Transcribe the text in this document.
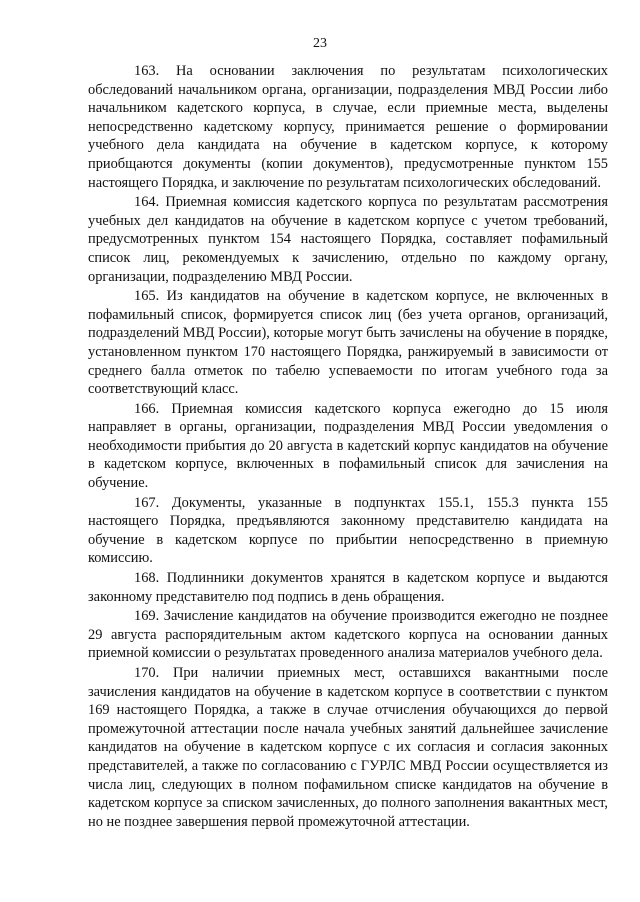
23

163. На основании заключения по результатам психологических обследований начальником органа, организации, подразделения МВД России либо начальником кадетского корпуса, в случае, если приемные места, выделены непосредственно кадетскому корпусу, принимается решение о формировании учебного дела кандидата на обучение в кадетском корпусе, к которому приобщаются документы (копии документов), предусмотренные пунктом 155 настоящего Порядка, и заключение по результатам психологических обследований.

164. Приемная комиссия кадетского корпуса по результатам рассмотрения учебных дел кандидатов на обучение в кадетском корпусе с учетом требований, предусмотренных пунктом 154 настоящего Порядка, составляет пофамильный список лиц, рекомендуемых к зачислению, отдельно по каждому органу, организации, подразделению МВД России.

165. Из кандидатов на обучение в кадетском корпусе, не включенных в пофамильный список, формируется список лиц (без учета органов, организаций, подразделений МВД России), которые могут быть зачислены на обучение в порядке, установленном пунктом 170 настоящего Порядка, ранжируемый в зависимости от среднего балла отметок по табелю успеваемости по итогам учебного года за соответствующий класс.

166. Приемная комиссия кадетского корпуса ежегодно до 15 июля направляет в органы, организации, подразделения МВД России уведомления о необходимости прибытия до 20 августа в кадетский корпус кандидатов на обучение в кадетском корпусе, включенных в пофамильный список для зачисления на обучение.

167. Документы, указанные в подпунктах 155.1, 155.3 пункта 155 настоящего Порядка, предъявляются законному представителю кандидата на обучение в кадетском корпусе по прибытии непосредственно в приемную комиссию.

168. Подлинники документов хранятся в кадетском корпусе и выдаются законному представителю под подпись в день обращения.

169. Зачисление кандидатов на обучение производится ежегодно не позднее 29 августа распорядительным актом кадетского корпуса на основании данных приемной комиссии о результатах проведенного анализа материалов учебного дела.

170. При наличии приемных мест, оставшихся вакантными после зачисления кандидатов на обучение в кадетском корпусе в соответствии с пунктом 169 настоящего Порядка, а также в случае отчисления обучающихся до первой промежуточной аттестации после начала учебных занятий дальнейшее зачисление кандидатов на обучение в кадетском корпусе с их согласия и согласия законных представителей, а также по согласованию с ГУРЛС МВД России осуществляется из числа лиц, следующих в полном пофамильном списке кандидатов на обучение в кадетском корпусе за списком зачисленных, до полного заполнения вакантных мест, но не позднее завершения первой промежуточной аттестации.
